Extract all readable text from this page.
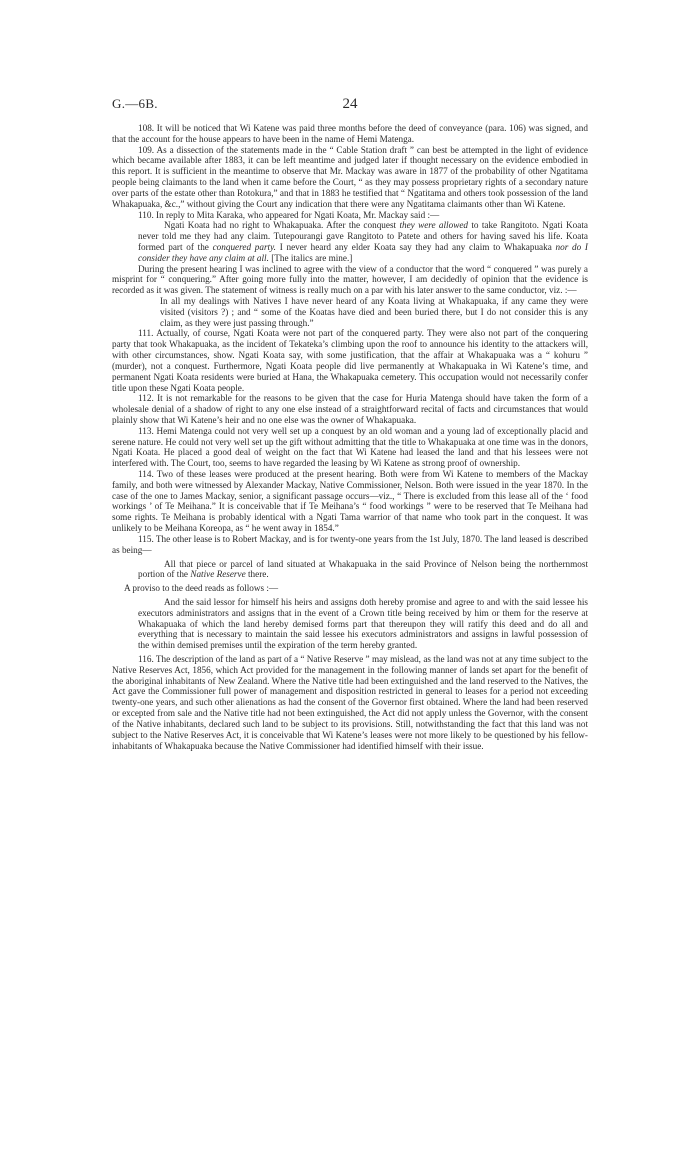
G.—6B.	24

108. It will be noticed that Wi Katene was paid three months before the deed of conveyance (para. 106) was signed, and that the account for the house appears to have been in the name of Hemi Matenga.

109. As a dissection of the statements made in the “ Cable Station draft ” can best be attempted in the light of evidence which became available after 1883, it can be left meantime and judged later if thought necessary on the evidence embodied in this report. It is sufficient in the meantime to observe that Mr. Mackay was aware in 1877 of the probability of other Ngatitama people being claimants to the land when it came before the Court, “ as they may possess proprietary rights of a secondary nature over parts of the estate other than Rotokura,” and that in 1883 he testified that “ Ngatitama and others took possession of the land Whakapuaka, &c.,” without giving the Court any indication that there were any Ngatitama claimants other than Wi Katene.

110. In reply to Mita Karaka, who appeared for Ngati Koata, Mr. Mackay said :—

Ngati Koata had no right to Whakapuaka. After the conquest they were allowed to take Rangitoto. Ngati Koata never told me they had any claim. Tutepourangi gave Rangitoto to Patete and others for having saved his life. Koata formed part of the conquered party. I never heard any elder Koata say they had any claim to Whakapuaka nor do I consider they have any claim at all. [The italics are mine.]

During the present hearing I was inclined to agree with the view of a conductor that the word “ conquered ” was purely a misprint for “ conquering.” After going more fully into the matter, however, I am decidedly of opinion that the evidence is recorded as it was given. The statement of witness is really much on a par with his later answer to the same conductor, viz. :—

In all my dealings with Natives I have never heard of any Koata living at Whakapuaka, if any came they were visited (visitors ?) ; and “ some of the Koatas have died and been buried there, but I do not consider this is any claim, as they were just passing through.”

111. Actually, of course, Ngati Koata were not part of the conquered party. They were also not part of the conquering party that took Whakapuaka, as the incident of Tekateka’s climbing upon the roof to announce his identity to the attackers will, with other circumstances, show. Ngati Koata say, with some justification, that the affair at Whakapuaka was a “ kohuru ” (murder), not a conquest. Furthermore, Ngati Koata people did live permanently at Whakapuaka in Wi Katene’s time, and permanent Ngati Koata residents were buried at Hana, the Whakapuaka cemetery. This occupation would not necessarily confer title upon these Ngati Koata people.

112. It is not remarkable for the reasons to be given that the case for Huria Matenga should have taken the form of a wholesale denial of a shadow of right to any one else instead of a straightforward recital of facts and circumstances that would plainly show that Wi Katene’s heir and no one else was the owner of Whakapuaka.

113. Hemi Matenga could not very well set up a conquest by an old woman and a young lad of exceptionally placid and serene nature. He could not very well set up the gift without admitting that the title to Whakapuaka at one time was in the donors, Ngati Koata. He placed a good deal of weight on the fact that Wi Katene had leased the land and that his lessees were not interfered with. The Court, too, seems to have regarded the leasing by Wi Katene as strong proof of ownership.

114. Two of these leases were produced at the present hearing. Both were from Wi Katene to members of the Mackay family, and both were witnessed by Alexander Mackay, Native Commissioner, Nelson. Both were issued in the year 1870. In the case of the one to James Mackay, senior, a significant passage occurs—viz., “ There is excluded from this lease all of the ‘ food workings ’ of Te Meihana.” It is conceivable that if Te Meihana’s “ food workings ” were to be reserved that Te Meihana had some rights. Te Meihana is probably identical with a Ngati Tama warrior of that name who took part in the conquest. It was unlikely to be Meihana Koreopa, as “ he went away in 1854.”

115. The other lease is to Robert Mackay, and is for twenty-one years from the 1st July, 1870. The land leased is described as being—

All that piece or parcel of land situated at Whakapuaka in the said Province of Nelson being the northernmost portion of the Native Reserve there.

A proviso to the deed reads as follows :—

And the said lessor for himself his heirs and assigns doth hereby promise and agree to and with the said lessee his executors administrators and assigns that in the event of a Crown title being received by him or them for the reserve at Whakapuaka of which the land hereby demised forms part that thereupon they will ratify this deed and do all and everything that is necessary to maintain the said lessee his executors administrators and assigns in lawful possession of the within demised premises until the expiration of the term hereby granted.

116. The description of the land as part of a “ Native Reserve ” may mislead, as the land was not at any time subject to the Native Reserves Act, 1856, which Act provided for the management in the following manner of lands set apart for the benefit of the aboriginal inhabitants of New Zealand. Where the Native title had been extinguished and the land reserved to the Natives, the Act gave the Commissioner full power of management and disposition restricted in general to leases for a period not exceeding twenty-one years, and such other alienations as had the consent of the Governor first obtained. Where the land had been reserved or excepted from sale and the Native title had not been extinguished, the Act did not apply unless the Governor, with the consent of the Native inhabitants, declared such land to be subject to its provisions. Still, notwithstanding the fact that this land was not subject to the Native Reserves Act, it is conceivable that Wi Katene’s leases were not more likely to be questioned by his fellow-inhabitants of Whakapuaka because the Native Commissioner had identified himself with their issue.
